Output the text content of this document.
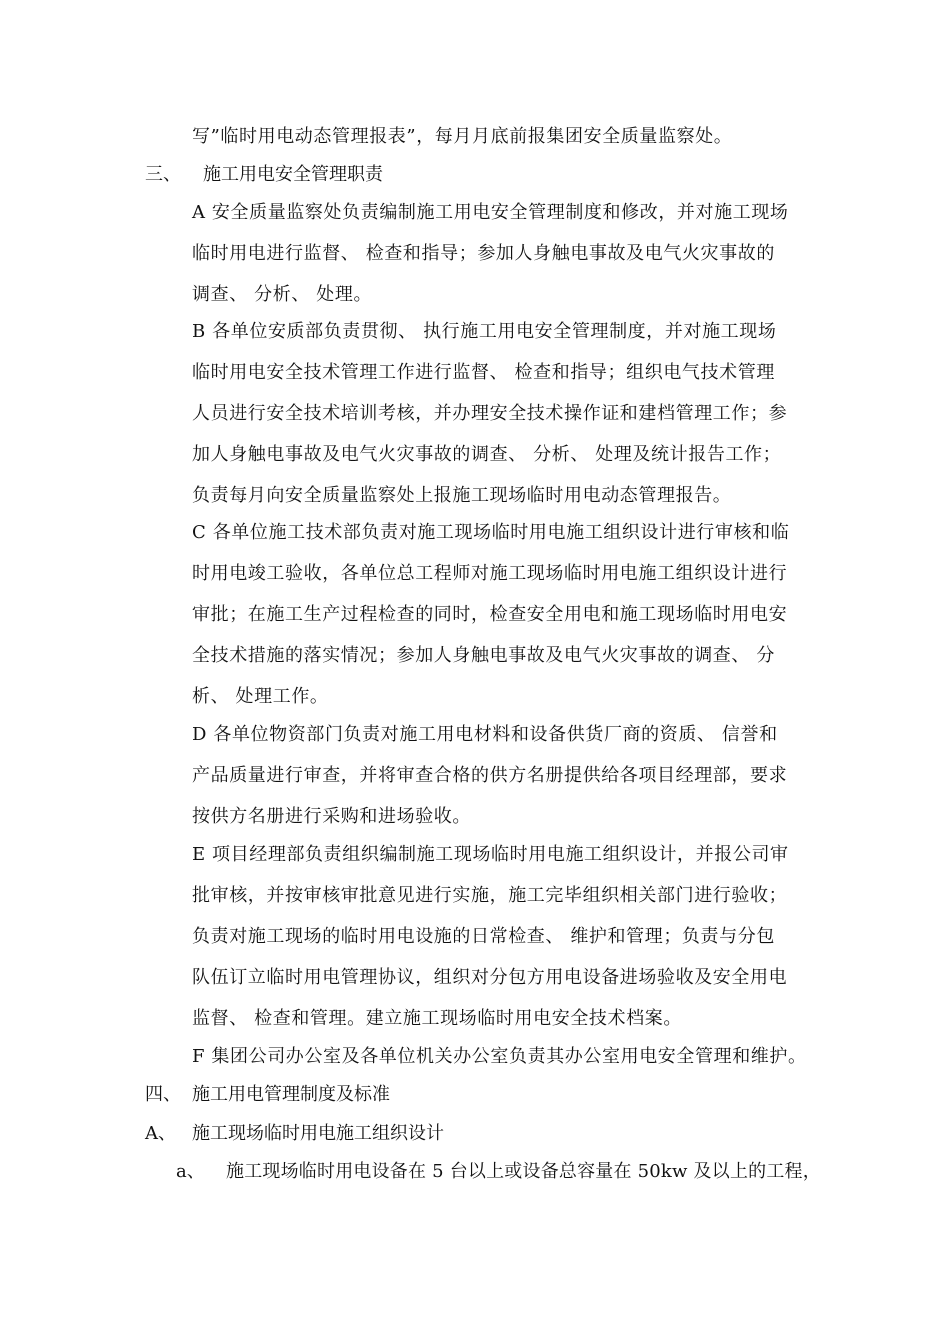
写”临时用电动态管理报表”，每月月底前报集团安全质量监察处。
三、 施工用电安全管理职责
A 安全质量监察处负责编制施工用电安全管理制度和修改，并对施工现场
临时用电进行监督、 检查和指导；参加人身触电事故及电气火灾事故的
调查、 分析、 处理。
B 各单位安质部负责贯彻、 执行施工用电安全管理制度，并对施工现场
临时用电安全技术管理工作进行监督、 检查和指导；组织电气技术管理
人员进行安全技术培训考核，并办理安全技术操作证和建档管理工作；参
加人身触电事故及电气火灾事故的调查、 分析、 处理及统计报告工作；
负责每月向安全质量监察处上报施工现场临时用电动态管理报告。
C 各单位施工技术部负责对施工现场临时用电施工组织设计进行审核和临
时用电竣工验收，各单位总工程师对施工现场临时用电施工组织设计进行
审批；在施工生产过程检查的同时，检查安全用电和施工现场临时用电安
全技术措施的落实情况；参加人身触电事故及电气火灾事故的调查、 分
析、 处理工作。
D 各单位物资部门负责对施工用电材料和设备供货厂商的资质、 信誉和
产品质量进行审查，并将审查合格的供方名册提供给各项目经理部，要求
按供方名册进行采购和进场验收。
E 项目经理部负责组织编制施工现场临时用电施工组织设计，并报公司审
批审核，并按审核审批意见进行实施，施工完毕组织相关部门进行验收；
负责对施工现场的临时用电设施的日常检查、 维护和管理；负责与分包
队伍订立临时用电管理协议，组织对分包方用电设备进场验收及安全用电
监督、 检查和管理。建立施工现场临时用电安全技术档案。
F 集团公司办公室及各单位机关办公室负责其办公室用电安全管理和维护。
四、 施工用电管理制度及标准
A、 施工现场临时用电施工组织设计
a、 施工现场临时用电设备在 5 台以上或设备总容量在 50kw 及以上的工程，
